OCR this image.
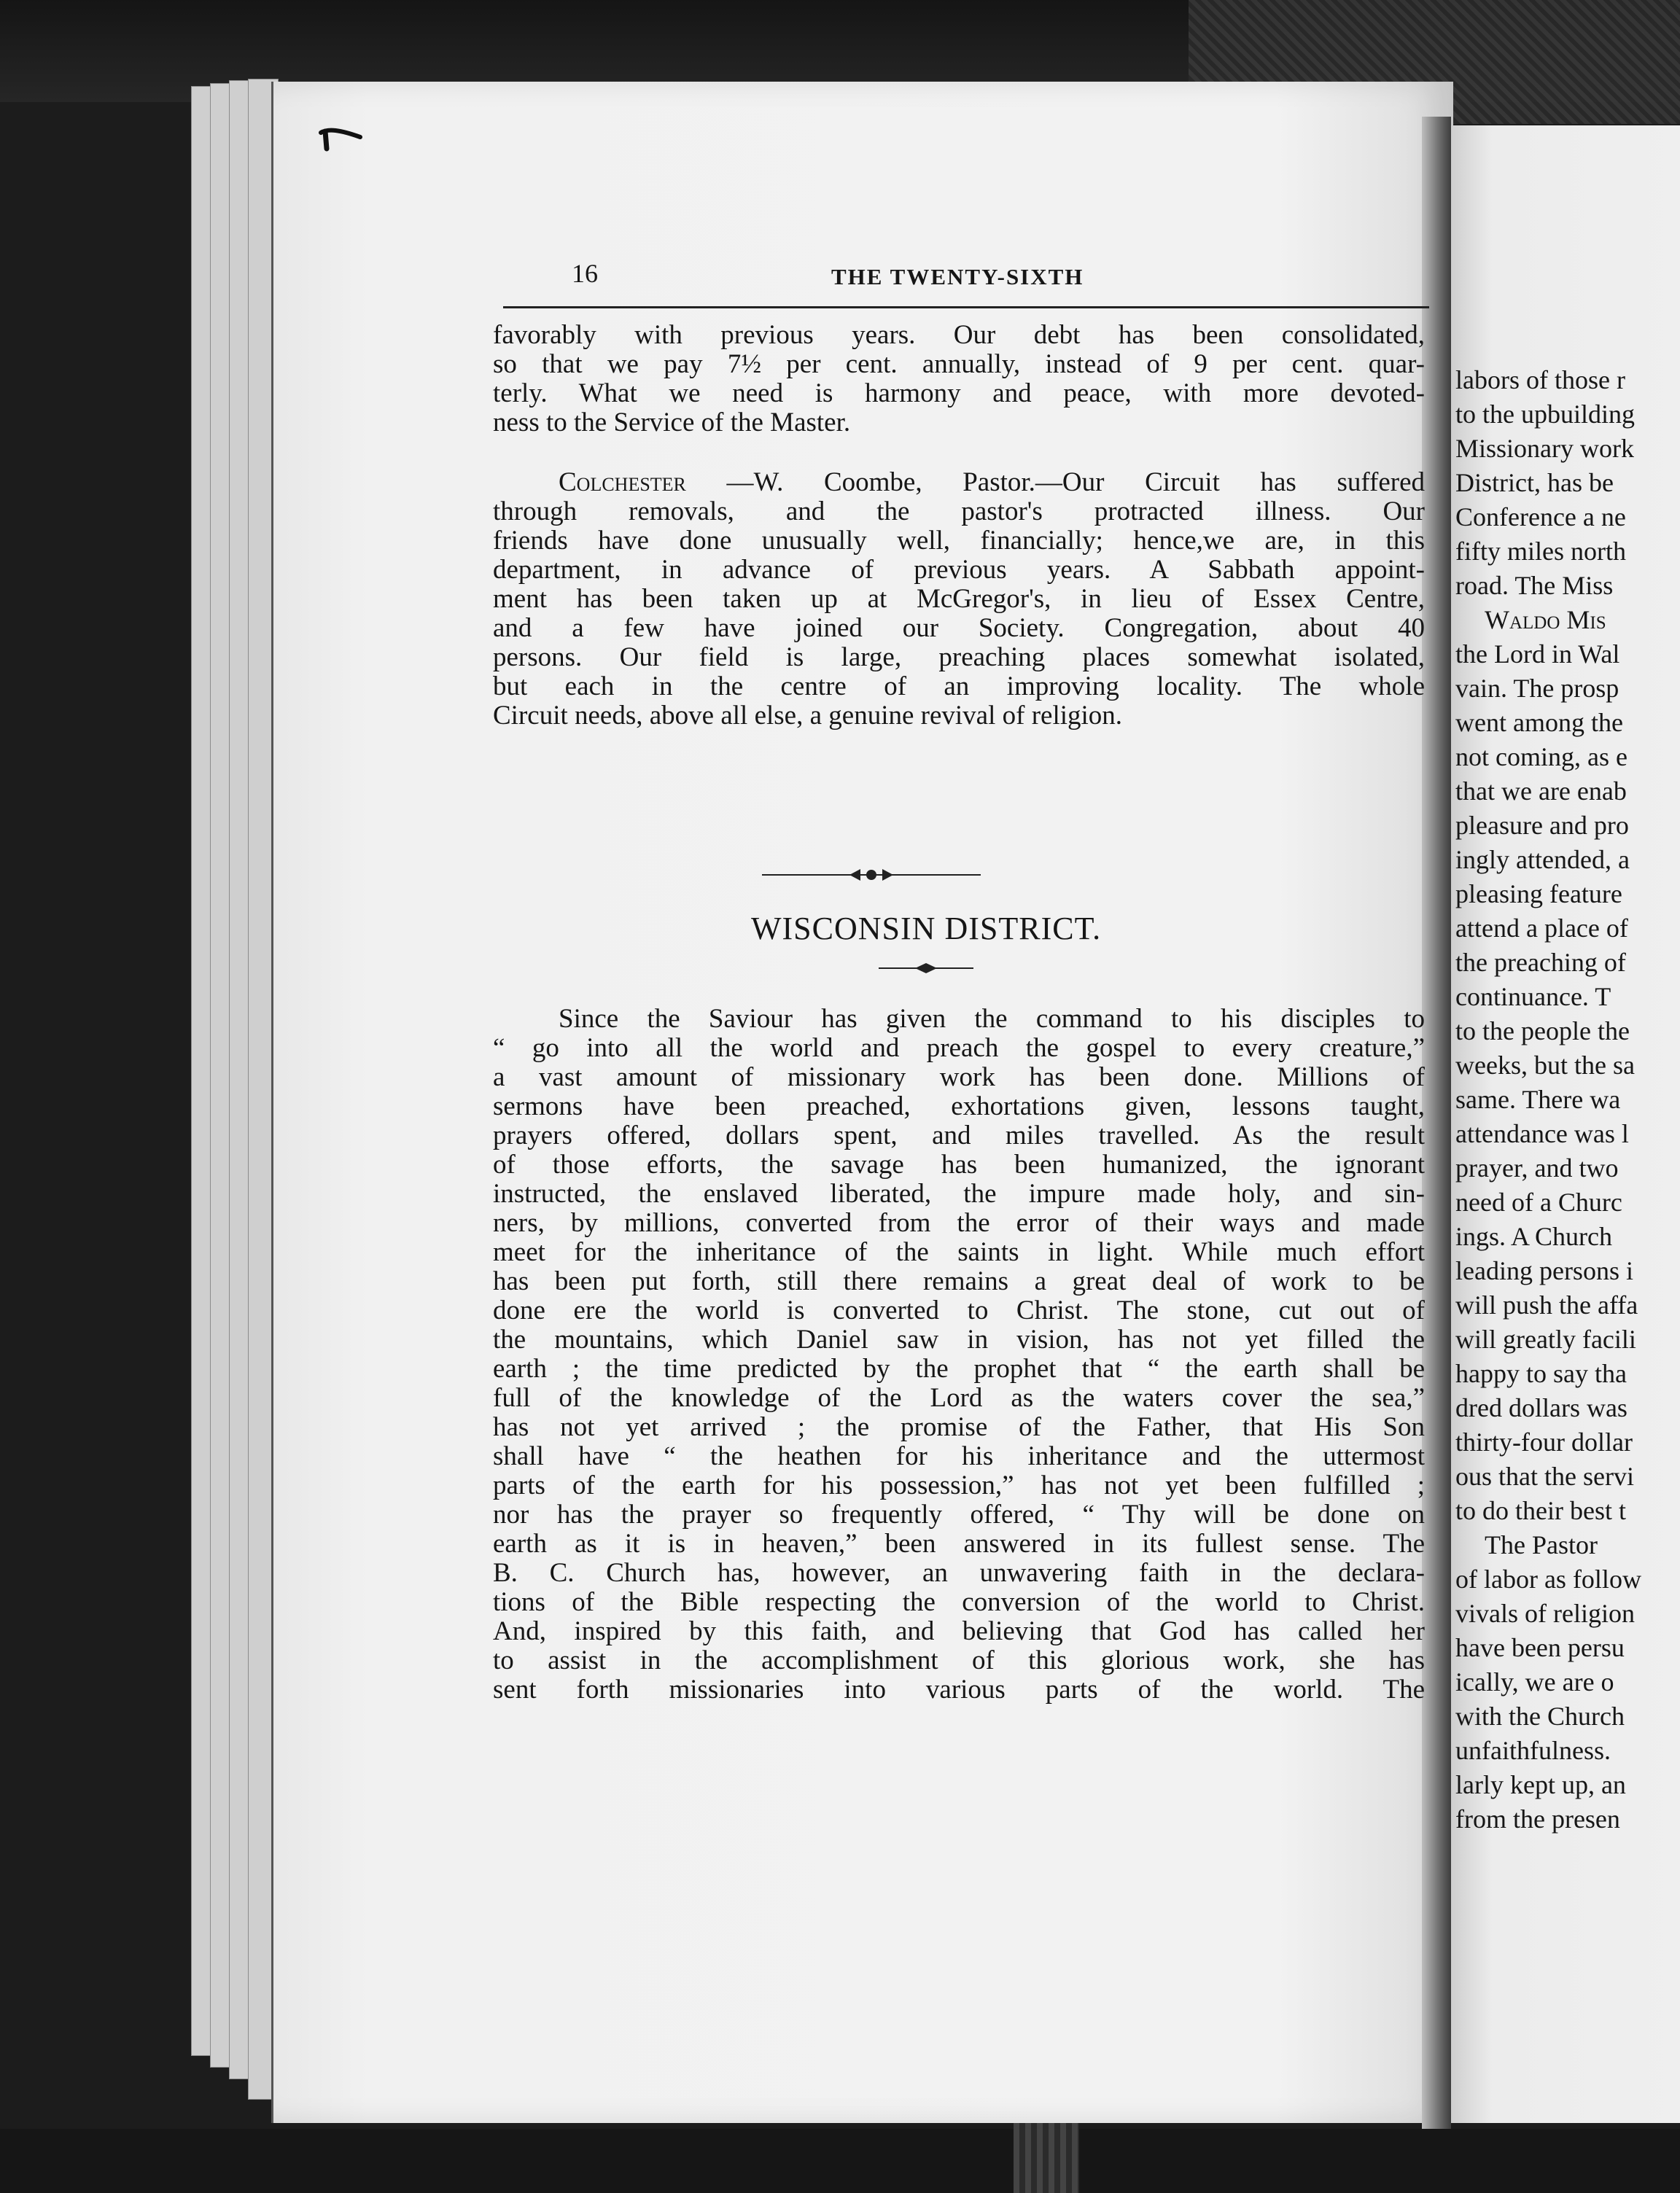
16	THE TWENTY-SIXTH
favorably with previous years. Our debt has been consolidated,
so that we pay 7½ per cent. annually, instead of 9 per cent. quar-
terly. What we need is harmony and peace, with more devoted-
ness to the Service of the Master.
Colchester —W. Coombe, Pastor.—Our Circuit has suffered
through removals, and the pastor's protracted illness. Our
friends have done unusually well, financially; hence,we are, in this
department, in advance of previous years. A Sabbath appoint-
ment has been taken up at McGregor's, in lieu of Essex Centre,
and a few have joined our Society. Congregation, about 40
persons. Our field is large, preaching places somewhat isolated,
but each in the centre of an improving locality. The whole
Circuit needs, above all else, a genuine revival of religion.
WISCONSIN DISTRICT.
Since the Saviour has given the command to his disciples to
“ go into all the world and preach the gospel to every creature,”
a vast amount of missionary work has been done. Millions of
sermons have been preached, exhortations given, lessons taught,
prayers offered, dollars spent, and miles travelled. As the result
of those efforts, the savage has been humanized, the ignorant
instructed, the enslaved liberated, the impure made holy, and sin-
ners, by millions, converted from the error of their ways and made
meet for the inheritance of the saints in light. While much effort
has been put forth, still there remains a great deal of work to be
done ere the world is converted to Christ. The stone, cut out of
the mountains, which Daniel saw in vision, has not yet filled the
earth ; the time predicted by the prophet that “ the earth shall be
full of the knowledge of the Lord as the waters cover the sea,”
has not yet arrived ; the promise of the Father, that His Son
shall have “ the heathen for his inheritance and the uttermost
parts of the earth for his possession,” has not yet been fulfilled ;
nor has the prayer so frequently offered, “ Thy will be done on
earth as it is in heaven,” been answered in its fullest sense. The
B. C. Church has, however, an unwavering faith in the declara-
tions of the Bible respecting the conversion of the world to Christ.
And, inspired by this faith, and believing that God has called her
to assist in the accomplishment of this glorious work, she has
sent forth missionaries into various parts of the world. The
labors of those r
to the upbuilding
Missionary work
District, has be
Conference a ne
fifty miles north
road. The Miss
Waldo Mis
the Lord in Wal
vain. The prosp
went among the
not coming, as e
that we are enab
pleasure and pro
ingly attended, a
pleasing feature
attend a place of
the preaching of
continuance. T
to the people the
weeks, but the sa
same. There wa
attendance was l
prayer, and two
need of a Churc
ings. A Church
leading persons i
will push the affa
will greatly facili
happy to say tha
dred dollars was
thirty-four dollar
ous that the servi
to do their best t
The Pastor
of labor as follow
vivals of religion
have been persu
ically, we are o
with the Church
unfaithfulness.
larly kept up, an
from the presen
